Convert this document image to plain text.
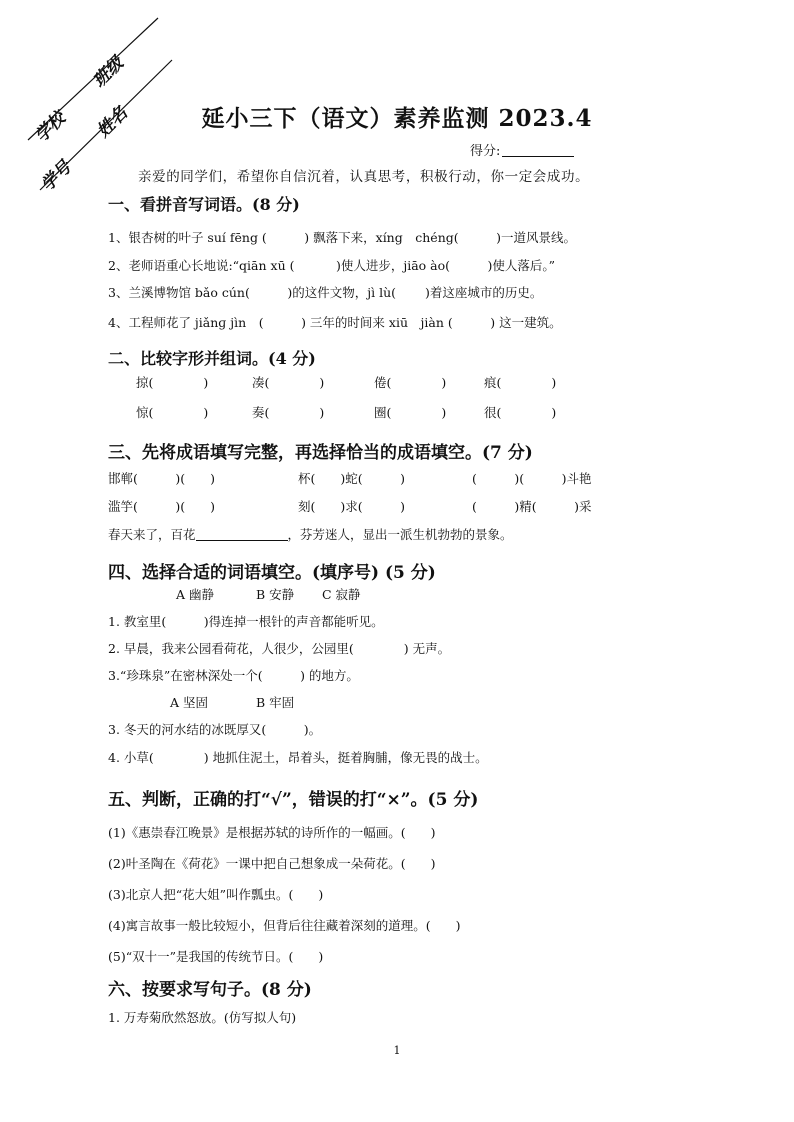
学校
班级
学号
姓名	延小三下（语文）素养监测 2023.4
得分:
亲爱的同学们，希望你自信沉着，认真思考，积极行动，你一定会成功。
一、看拼音写词语。(8 分)
1、银杏树的叶子 suí fēng (　　　) 飘落下来，xíng　chéng(　　　)一道风景线。
2、老师语重心长地说:“qiān xū (　　　 )使人进步，jiāo ào(　　　)使人落后。”
3、兰溪博物馆 bǎo cún(　　　)的这件文物，jì lù(　　 )着这座城市的历史。
4、工程师花了 jiǎnɡ jìn　(　　　) 三年的时间来 xiū　jiàn (　　　) 这一建筑。
二、比较字形并组词。(4 分)
掠(　　　　)	凑(　　　　)	倦(　　　　)	痕(　　　　)
惊(　　　　)	奏(　　　　)	圈(　　　　)	很(　　　　)
三、先将成语填写完整，再选择恰当的成语填空。(7 分)
邯郸(　　　)(　　)	杯(　　)蛇(　　　)	(　　　)(　　　)斗艳
滥竽(　　　)(　　)	刻(　　)求(　　　)	(　　　)精(　　　)采
春天来了，百花	，芬芳迷人，显出一派生机勃勃的景象。
四、选择合适的词语填空。(填序号) (5 分)
A 幽静	B 安静 C 寂静
1. 教室里(　　　)得连掉一根针的声音都能听见。
2. 早晨，我来公园看荷花，人很少，公园里(　　　　) 无声。
3.“珍珠泉”在密林深处一个(　　　) 的地方。
A 坚固	B 牢固
3. 冬天的河水结的冰既厚又(　　　)。
4. 小草(　　　　) 地抓住泥土，昂着头，挺着胸脯，像无畏的战士。
五、判断，正确的打“√”，错误的打“×”。(5 分)
(1)《惠崇春江晚景》是根据苏轼的诗所作的一幅画。(　　)
(2)叶圣陶在《荷花》一课中把自己想象成一朵荷花。(　　)
(3)北京人把“花大姐”叫作瓢虫。(　　)
(4)寓言故事一般比较短小，但背后往往藏着深刻的道理。(　　)
(5)“双十一”是我国的传统节日。(　　)
六、按要求写句子。(8 分)
1. 万寿菊欣然怒放。(仿写拟人句)
1
